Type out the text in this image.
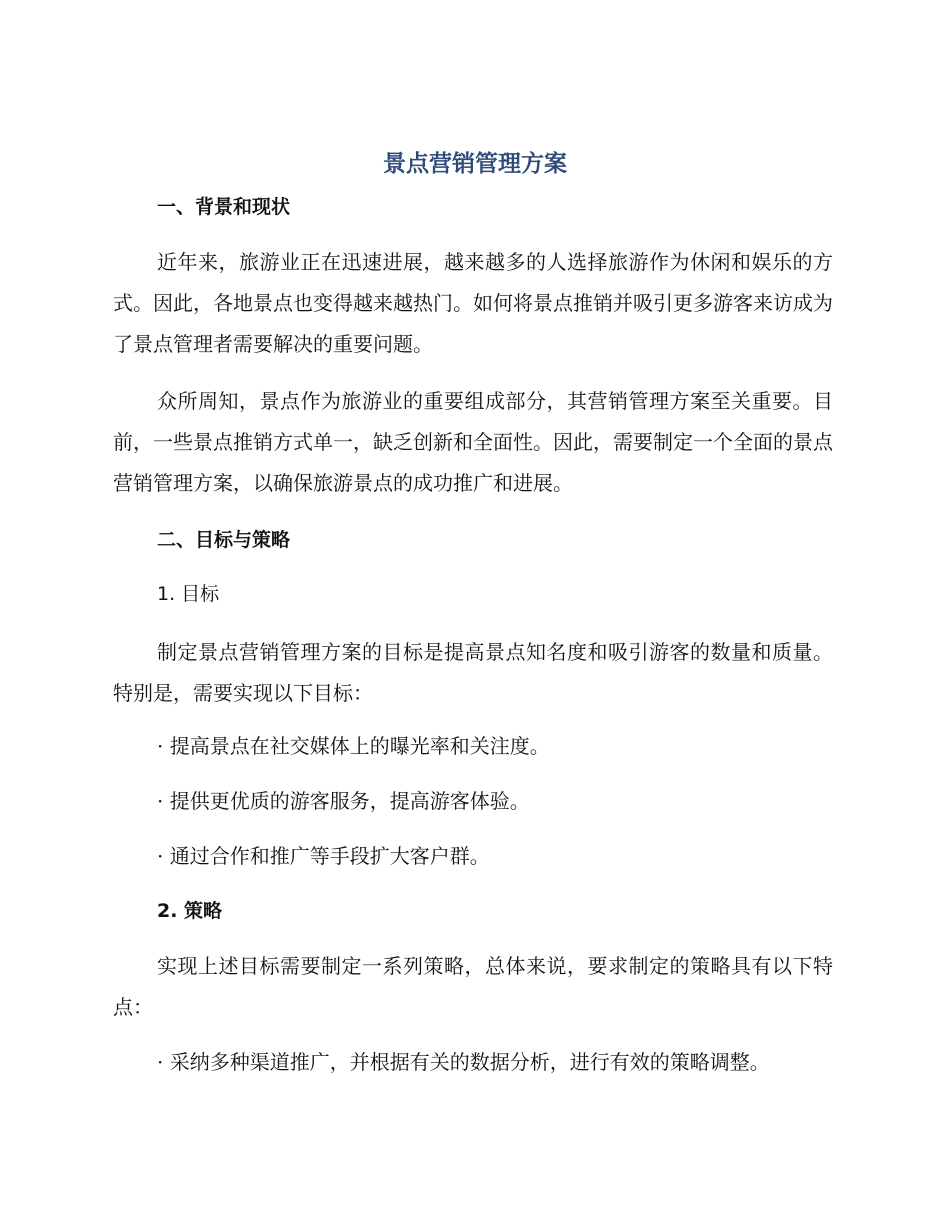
景点营销管理方案
一、背景和现状

近年来，旅游业正在迅速进展，越来越多的人选择旅游作为休闲和娱乐的方式。因此，各地景点也变得越来越热门。如何将景点推销并吸引更多游客来访成为了景点管理者需要解决的重要问题。

众所周知，景点作为旅游业的重要组成部分，其营销管理方案至关重要。目前，一些景点推销方式单一，缺乏创新和全面性。因此，需要制定一个全面的景点营销管理方案，以确保旅游景点的成功推广和进展。

二、目标与策略
1. 目标

制定景点营销管理方案的目标是提高景点知名度和吸引游客的数量和质量。特别是，需要实现以下目标：

· 提高景点在社交媒体上的曝光率和关注度。
· 提供更优质的游客服务，提高游客体验。
· 通过合作和推广等手段扩大客户群。
2. 策略

实现上述目标需要制定一系列策略，总体来说，要求制定的策略具有以下特点：

· 采纳多种渠道推广，并根据有关的数据分析，进行有效的策略调整。
